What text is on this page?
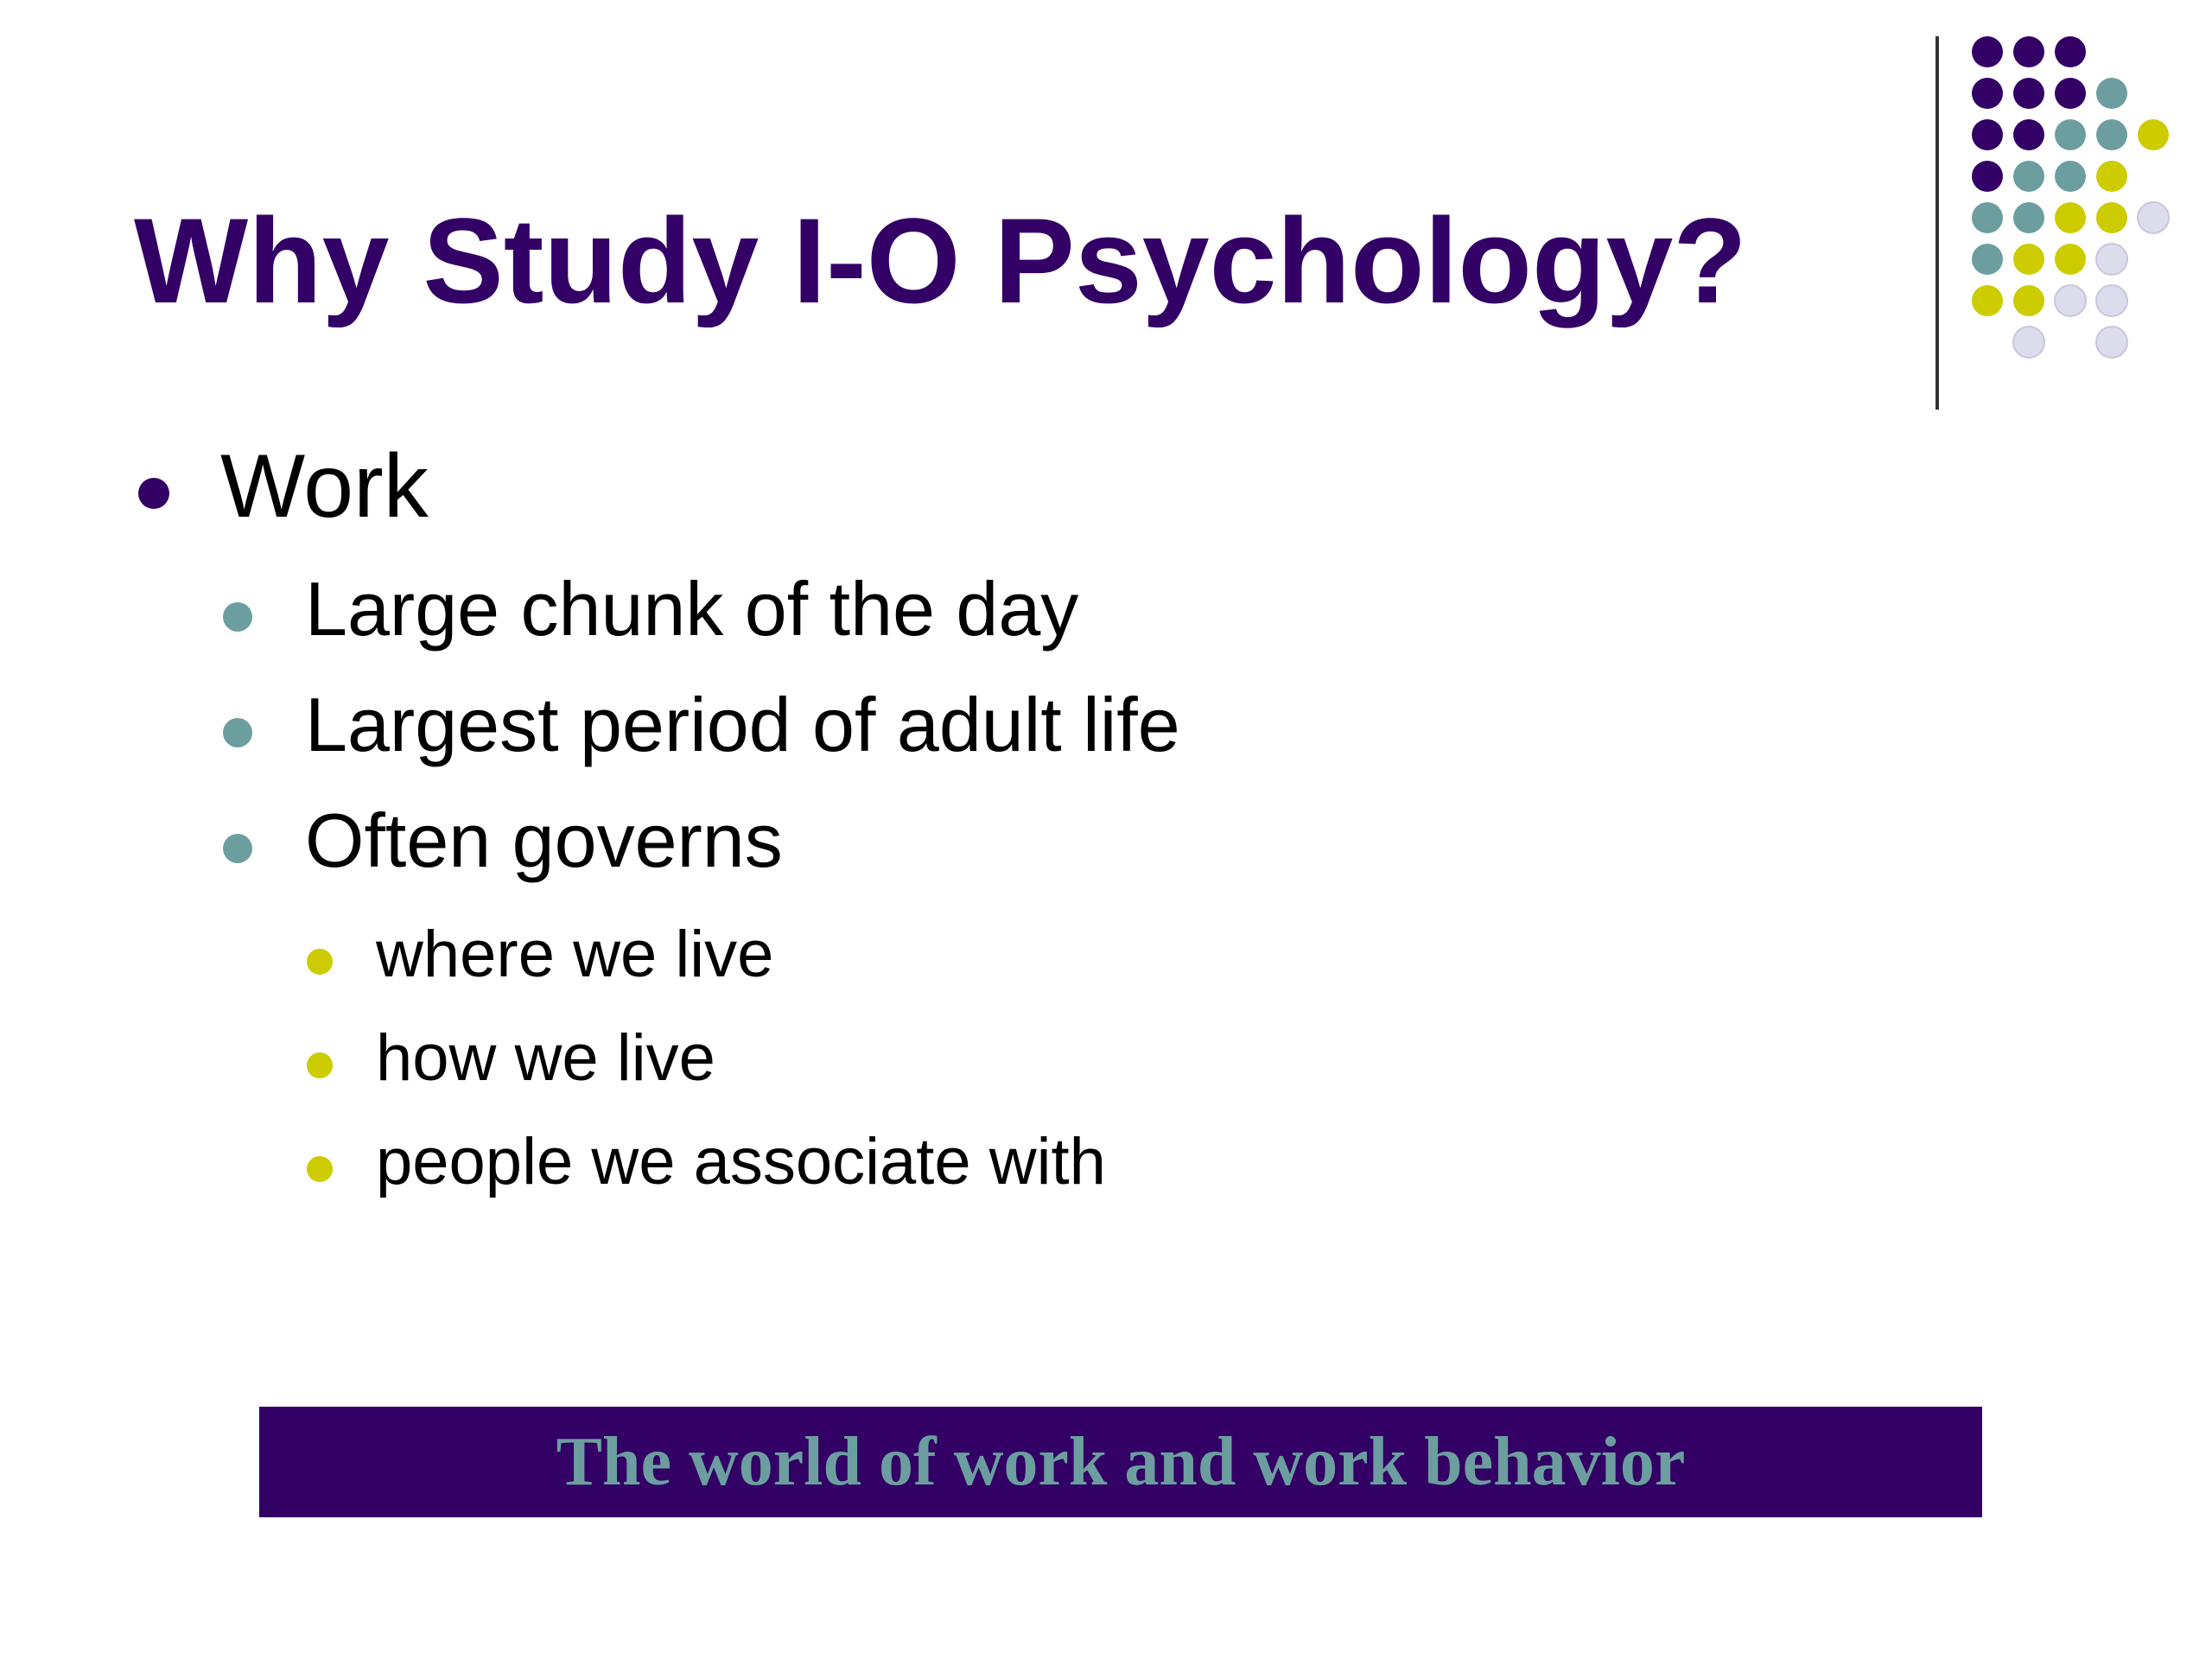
Why Study I-O Psychology?
Work
Large chunk of the day
Largest period of adult life
Often governs
where we live
how we live
people we associate with
The world of work and work behavior
